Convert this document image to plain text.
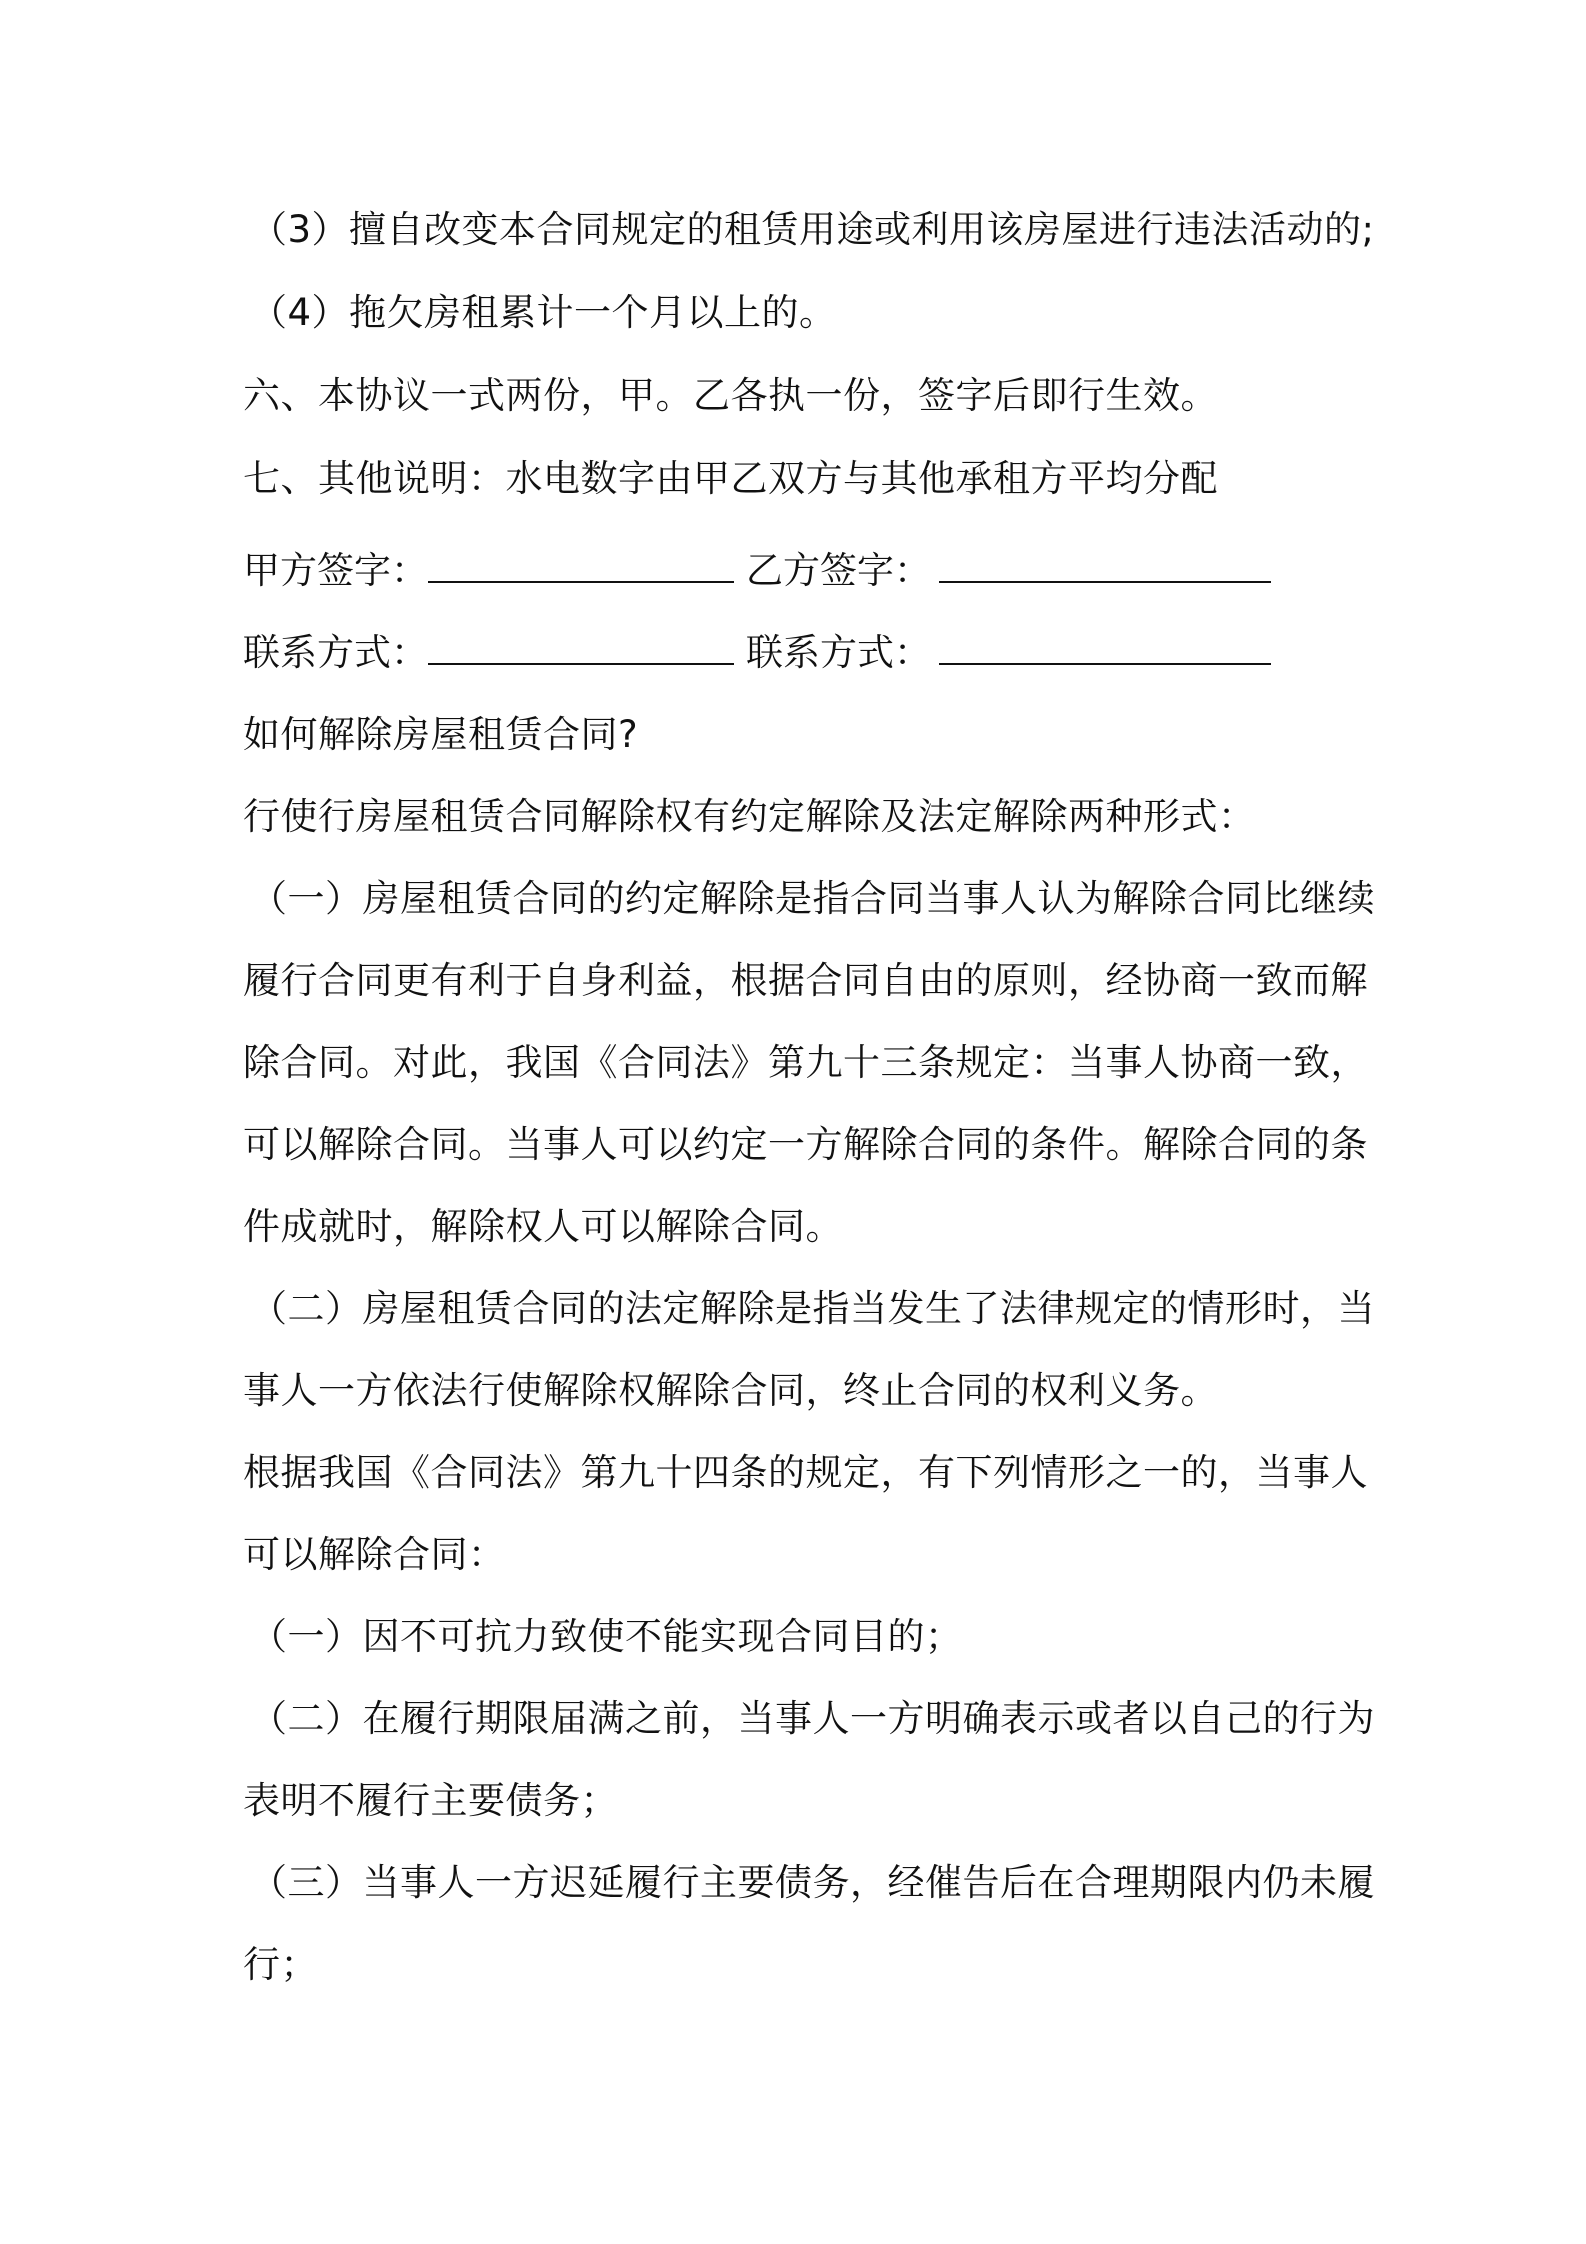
（3）擅自改变本合同规定的租赁用途或利用该房屋进行违法活动的;
（4）拖欠房租累计一个月以上的。
六、本协议一式两份，甲。乙各执一份，签字后即行生效。
七、其他说明：水电数字由甲乙双方与其他承租方平均分配
甲方签字：	乙方签字：
联系方式：	联系方式：
如何解除房屋租赁合同?
行使行房屋租赁合同解除权有约定解除及法定解除两种形式：
（一）房屋租赁合同的约定解除是指合同当事人认为解除合同比继续
履行合同更有利于自身利益，根据合同自由的原则，经协商一致而解
除合同。对此，我国《合同法》第九十三条规定：当事人协商一致，
可以解除合同。当事人可以约定一方解除合同的条件。解除合同的条
件成就时，解除权人可以解除合同。
（二）房屋租赁合同的法定解除是指当发生了法律规定的情形时，当
事人一方依法行使解除权解除合同，终止合同的权利义务。
根据我国《合同法》第九十四条的规定，有下列情形之一的，当事人
可以解除合同：
（一）因不可抗力致使不能实现合同目的；
（二）在履行期限届满之前，当事人一方明确表示或者以自己的行为
表明不履行主要债务；
（三）当事人一方迟延履行主要债务，经催告后在合理期限内仍未履
行；
